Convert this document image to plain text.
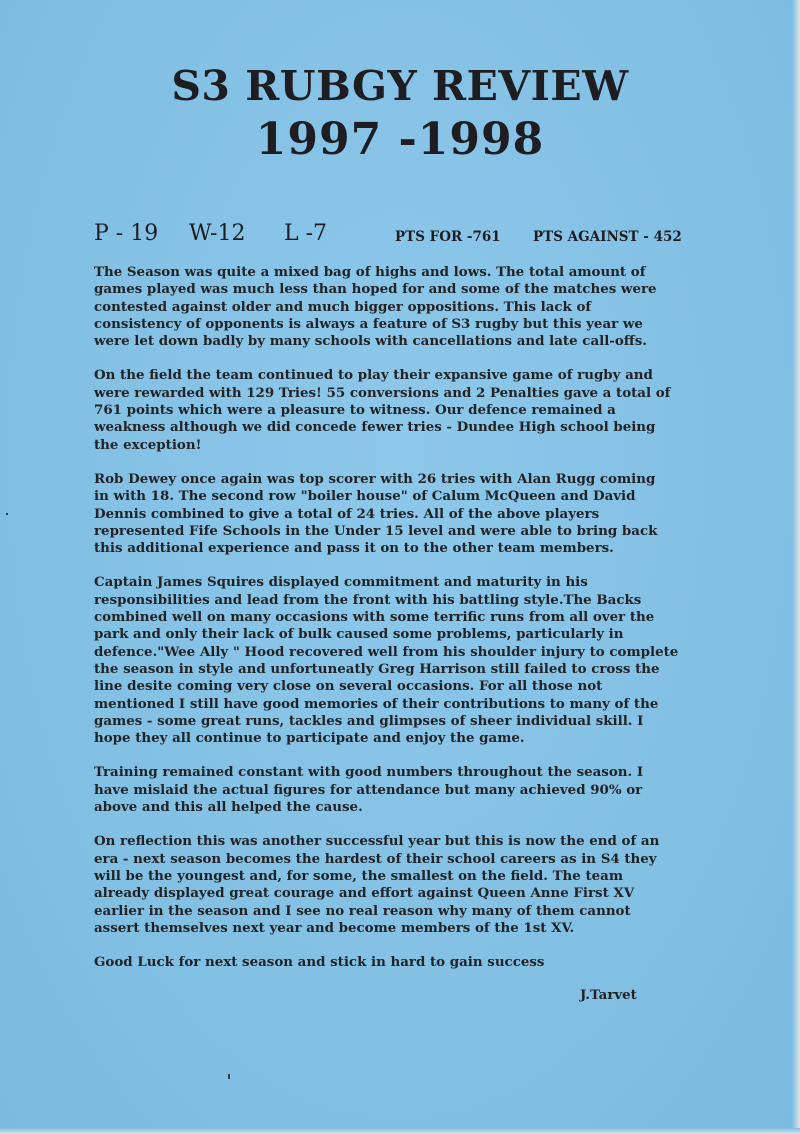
S3 RUBGY REVIEW
1997 -1998
P - 19 W-12 L -7	PTS FOR -761 PTS AGAINST - 452

The Season was quite a mixed bag of highs and lows. The total amount of
games played was much less than hoped for and some of the matches were
contested against older and much bigger oppositions. This lack of
consistency of opponents is always a feature of S3 rugby but this year we
were let down badly by many schools with cancellations and late call-offs.

On the field the team continued to play their expansive game of rugby and
were rewarded with 129 Tries! 55 conversions and 2 Penalties gave a total of
761 points which were a pleasure to witness. Our defence remained a
weakness although we did concede fewer tries - Dundee High school being
the exception!

Rob Dewey once again was top scorer with 26 tries with Alan Rugg coming
in with 18. The second row "boiler house" of Calum McQueen and David
Dennis combined to give a total of 24 tries. All of the above players
represented Fife Schools in the Under 15 level and were able to bring back
this additional experience and pass it on to the other team members.

Captain James Squires displayed commitment and maturity in his
responsibilities and lead from the front with his battling style.The Backs
combined well on many occasions with some terrific runs from all over the
park and only their lack of bulk caused some problems, particularly in
defence."Wee Ally " Hood recovered well from his shoulder injury to complete
the season in style and unfortuneatly Greg Harrison still failed to cross the
line desite coming very close on several occasions. For all those not
mentioned I still have good memories of their contributions to many of the
games - some great runs, tackles and glimpses of sheer individual skill. I
hope they all continue to participate and enjoy the game.

Training remained constant with good numbers throughout the season. I
have mislaid the actual figures for attendance but many achieved 90% or
above and this all helped the cause.

On reflection this was another successful year but this is now the end of an
era - next season becomes the hardest of their school careers as in S4 they
will be the youngest and, for some, the smallest on the field. The team
already displayed great courage and effort against Queen Anne First XV
earlier in the season and I see no real reason why many of them cannot
assert themselves next year and become members of the 1st XV.

Good Luck for next season and stick in hard to gain success

J.Tarvet
